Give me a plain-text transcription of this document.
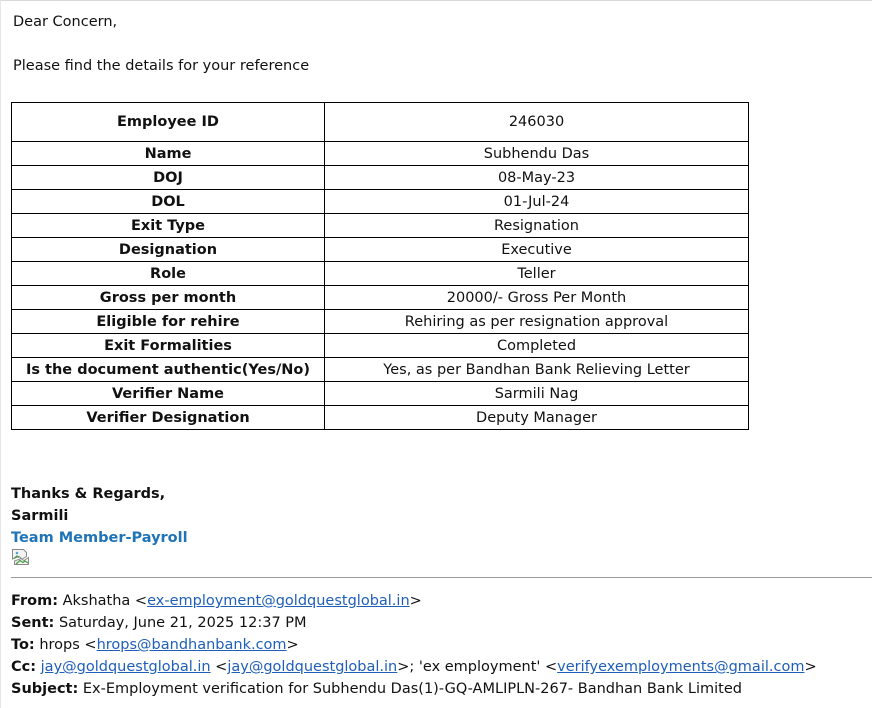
Dear Concern,
Please find the details for your reference
Employee ID	246030
Name	Subhendu Das
DOJ	08-May-23
DOL	01-Jul-24
Exit Type	Resignation
Designation	Executive
Role	Teller
Gross per month	20000/- Gross Per Month
Eligible for rehire	Rehiring as per resignation approval
Exit Formalities	Completed
Is the document authentic(Yes/No)	Yes, as per Bandhan Bank Relieving Letter
Verifier Name	Sarmili Nag
Verifier Designation	Deputy Manager
Thanks & Regards,
Sarmili
Team Member-Payroll
From: Akshatha <ex-employment@goldquestglobal.in>
Sent: Saturday, June 21, 2025 12:37 PM
To: hrops <hrops@bandhanbank.com>
Cc: jay@goldquestglobal.in <jay@goldquestglobal.in>; 'ex employment' <verifyexemployments@gmail.com>
Subject: Ex-Employment verification for Subhendu Das(1)-GQ-AMLIPLN-267- Bandhan Bank Limited
